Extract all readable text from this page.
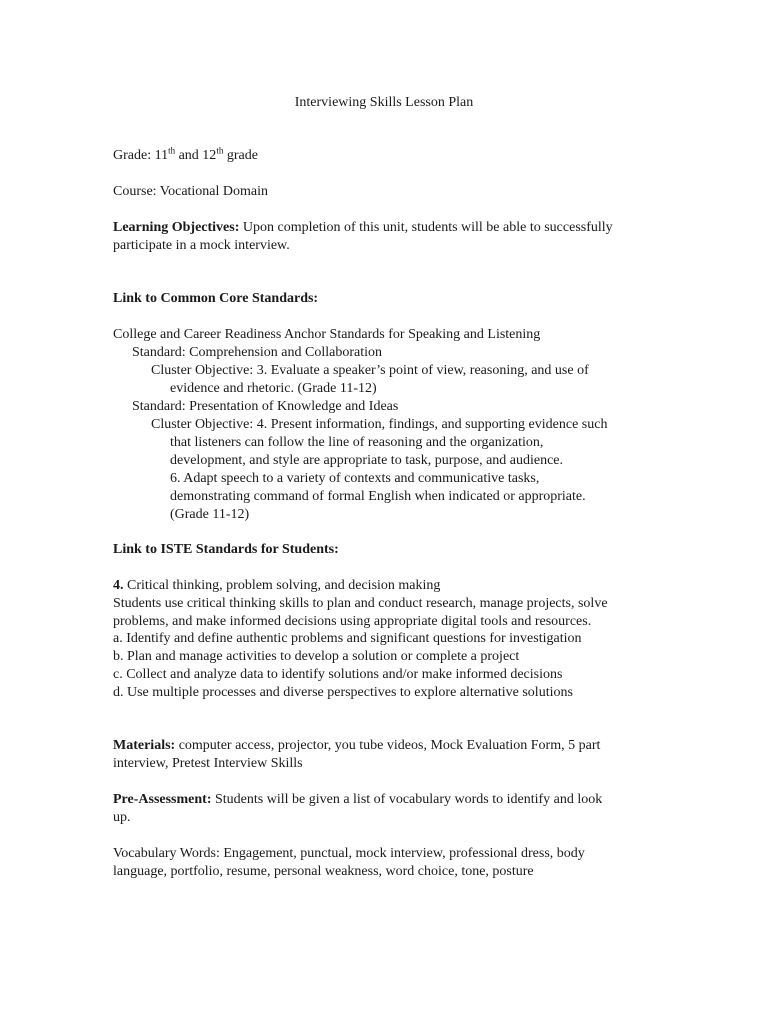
Interviewing Skills Lesson Plan
Grade: 11th and 12th grade
Course: Vocational Domain
Learning Objectives: Upon completion of this unit, students will be able to successfully
participate in a mock interview.
Link to Common Core Standards:
College and Career Readiness Anchor Standards for Speaking and Listening
Standard: Comprehension and Collaboration
Cluster Objective: 3. Evaluate a speaker’s point of view, reasoning, and use of
evidence and rhetoric. (Grade 11-12)
Standard: Presentation of Knowledge and Ideas
Cluster Objective: 4. Present information, findings, and supporting evidence such
that listeners can follow the line of reasoning and the organization,
development, and style are appropriate to task, purpose, and audience.
6. Adapt speech to a variety of contexts and communicative tasks,
demonstrating command of formal English when indicated or appropriate.
(Grade 11-12)
Link to ISTE Standards for Students:
4. Critical thinking, problem solving, and decision making
Students use critical thinking skills to plan and conduct research, manage projects, solve
problems, and make informed decisions using appropriate digital tools and resources.
a. Identify and define authentic problems and significant questions for investigation
b. Plan and manage activities to develop a solution or complete a project
c. Collect and analyze data to identify solutions and/or make informed decisions
d. Use multiple processes and diverse perspectives to explore alternative solutions
Materials: computer access, projector, you tube videos, Mock Evaluation Form, 5 part
interview, Pretest Interview Skills
Pre-Assessment: Students will be given a list of vocabulary words to identify and look
up.
Vocabulary Words: Engagement, punctual, mock interview, professional dress, body
language, portfolio, resume, personal weakness, word choice, tone, posture
